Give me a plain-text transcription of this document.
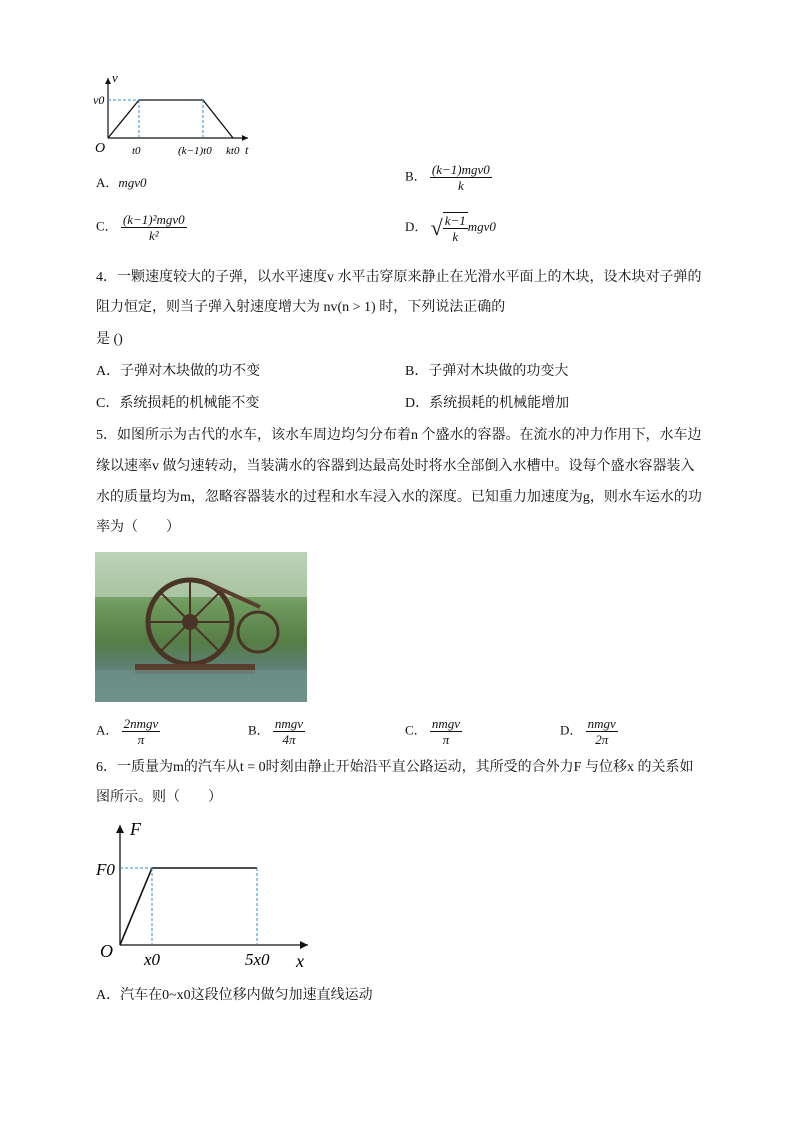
v
v0
O t0	(k−1)t0 kt0 t
A．mgv0	B． $\frac{\text{(k−1)mgv0}}{k}$
C． $\frac{\text{(k−1)²mgv0}}{\text{k²}}$	D． √ $\frac{k-1}{k} mgv0$
4．一颗速度较大的子弹，以水平速度v 水平击穿原来静止在光滑水平面上的木块，设木块对子弹的
阻力恒定，则当子弹入射速度增大为 nv(n > 1) 时，下列说法正确的
是 ()
A．子弹对木块做的功不变	B．子弹对木块做的功变大
C．系统损耗的机械能不变	D．系统损耗的机械能增加
5．如图所示为古代的水车，该水车周边均匀分布着n 个盛水的容器。在流水的冲力作用下，水车边
缘以速率v 做匀速转动，当装满水的容器到达最高处时将水全部倒入水槽中。设每个盛水容器装入
水的质量均为m，忽略容器装水的过程和水车浸入水的深度。已知重力加速度为g，则水车运水的功
率为（　　）
A． $\frac{\text{2nmgv}}{\pi}$	B． $\frac{\text{nmgv}}{4\pi}$	C． $\frac{\text{nmgv}}{\pi}$	D． $\frac{\text{nmgv}}{2\pi}$
6．一质量为m的汽车从t = 0时刻由静止开始沿平直公路运动，其所受的合外力F 与位移x 的关系如
图所示。则（　　）
F
F0
O x0	5x0 x
A．汽车在0~x0这段位移内做匀加速直线运动
